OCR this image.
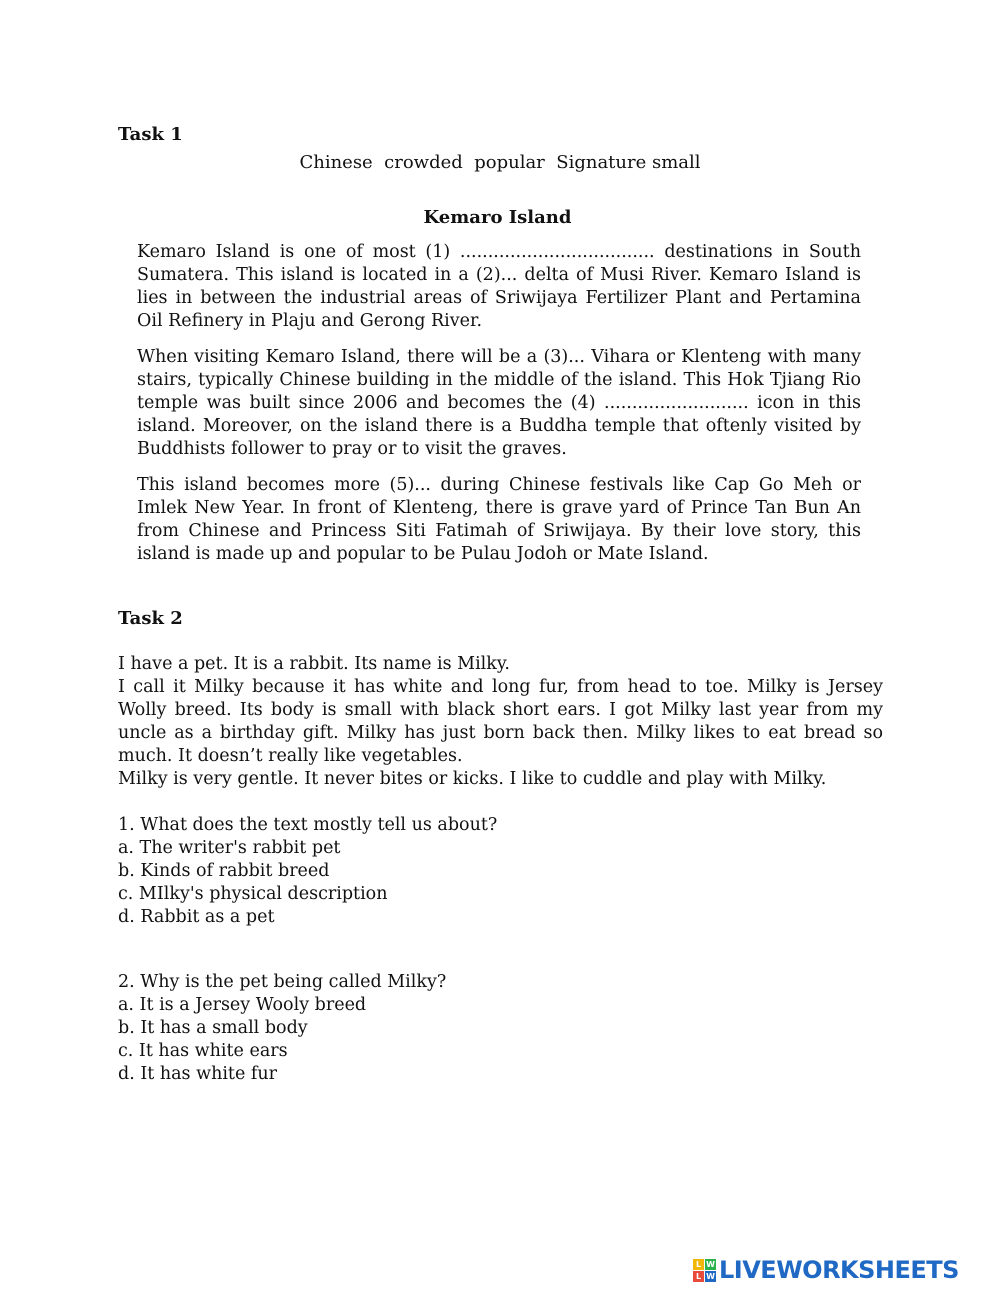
Task 1
Chinese  crowded  popular  Signature small
Kemaro Island

Kemaro Island is one of most (1) ................................... destinations in South Sumatera. This island is located in a (2)... delta of Musi River. Kemaro Island is lies in between the industrial areas of Sriwijaya Fertilizer Plant and Pertamina Oil Refinery in Plaju and Gerong River.

When visiting Kemaro Island, there will be a (3)... Vihara or Klenteng with many stairs, typically Chinese building in the middle of the island. This Hok Tjiang Rio temple was built since 2006 and becomes the (4) .......................... icon in this island. Moreover, on the island there is a Buddha temple that oftenly visited by Buddhists follower to pray or to visit the graves.

This island becomes more (5)... during Chinese festivals like Cap Go Meh or Imlek New Year. In front of Klenteng, there is grave yard of Prince Tan Bun An from Chinese and Princess Siti Fatimah of Sriwijaya. By their love story, this island is made up and popular to be Pulau Jodoh or Mate Island.

Task 2

I have a pet. It is a rabbit. Its name is Milky.

I call it Milky because it has white and long fur, from head to toe. Milky is Jersey Wolly breed. Its body is small with black short ears. I got Milky last year from my uncle as a birthday gift. Milky has just born back then. Milky likes to eat bread so much. It doesn’t really like vegetables.

Milky is very gentle. It never bites or kicks. I like to cuddle and play with Milky.

1. What does the text mostly tell us about?
a. The writer's rabbit pet
b. Kinds of rabbit breed
c. MIlky's physical description
d. Rabbit as a pet
2. Why is the pet being called Milky?
a. It is a Jersey Wooly breed
b. It has a small body
c. It has white ears
d. It has white fur
L W
L W LIVEWORKSHEETS
